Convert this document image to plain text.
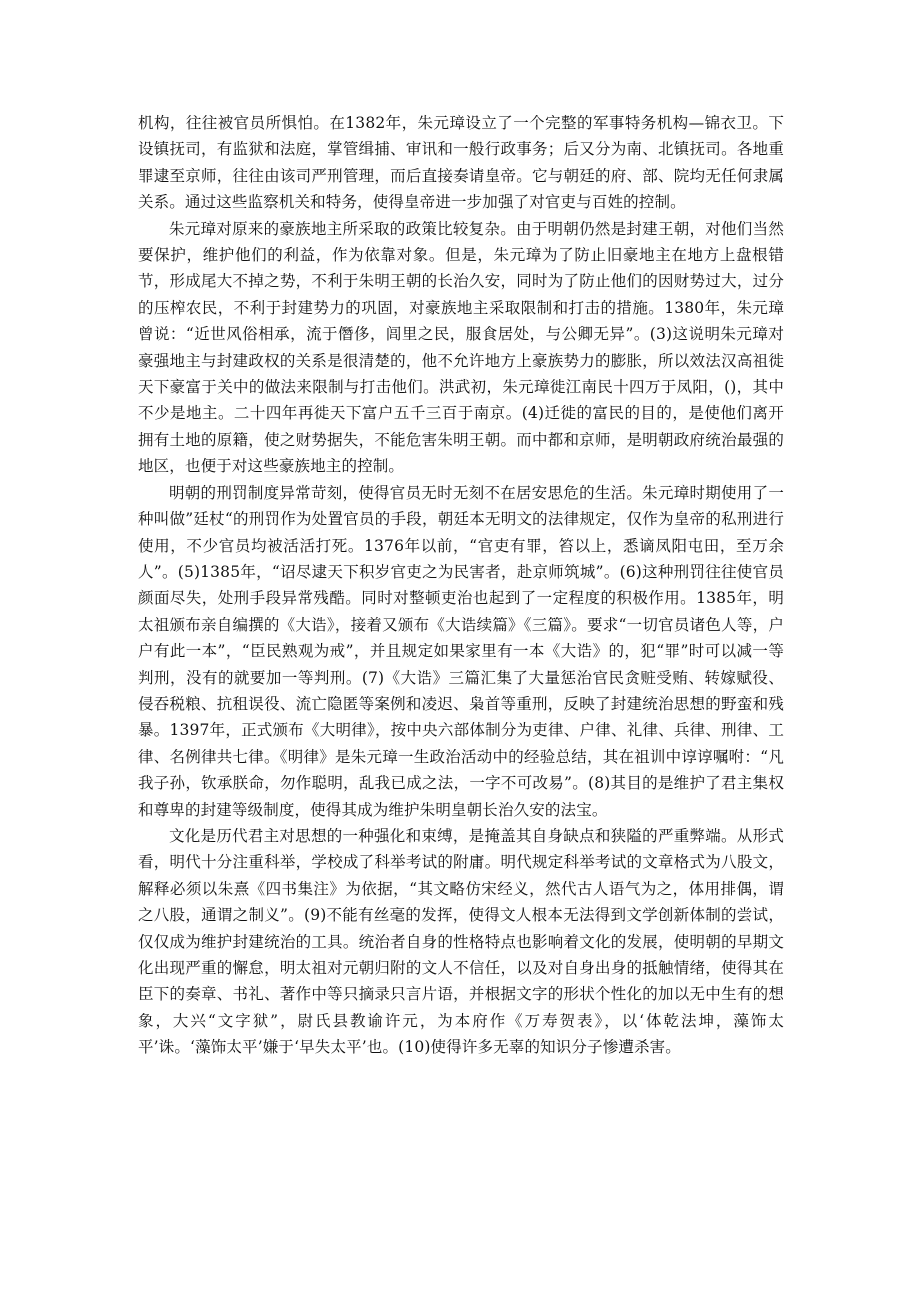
机构，往往被官员所惧怕。在1382年，朱元璋设立了一个完整的军事特务机构—锦衣卫。下设镇抚司，有监狱和法庭，掌管缉捕、审讯和一般行政事务；后又分为南、北镇抚司。各地重罪逮至京师，往往由该司严刑管理，而后直接奏请皇帝。它与朝廷的府、部、院均无任何隶属关系。通过这些监察机关和特务，使得皇帝进一步加强了对官吏与百姓的控制。

朱元璋对原来的豪族地主所采取的政策比较复杂。由于明朝仍然是封建王朝，对他们当然要保护，维护他们的利益，作为依靠对象。但是，朱元璋为了防止旧豪地主在地方上盘根错节，形成尾大不掉之势，不利于朱明王朝的长治久安，同时为了防止他们的因财势过大，过分的压榨农民，不利于封建势力的巩固，对豪族地主采取限制和打击的措施。1380年，朱元璋曾说：“近世风俗相承，流于僭侈，闾里之民，服食居处，与公卿无异”。(3)这说明朱元璋对豪强地主与封建政权的关系是很清楚的，他不允许地方上豪族势力的膨胀，所以效法汉高祖徙天下豪富于关中的做法来限制与打击他们。洪武初，朱元璋徙江南民十四万于凤阳，()，其中不少是地主。二十四年再徙天下富户五千三百于南京。(4)迁徙的富民的目的，是使他们离开拥有土地的原籍，使之财势据失，不能危害朱明王朝。而中都和京师，是明朝政府统治最强的地区，也便于对这些豪族地主的控制。

明朝的刑罚制度异常苛刻，使得官员无时无刻不在居安思危的生活。朱元璋时期使用了一种叫做”廷杖“的刑罚作为处置官员的手段，朝廷本无明文的法律规定，仅作为皇帝的私刑进行使用，不少官员均被活活打死。1376年以前，“官吏有罪，笞以上，悉谪凤阳屯田，至万余人”。(5)1385年，“诏尽逮天下积岁官吏之为民害者，赴京师筑城”。(6)这种刑罚往往使官员颜面尽失，处刑手段异常残酷。同时对整顿吏治也起到了一定程度的积极作用。1385年，明太祖颁布亲自编撰的《大诰》，接着又颁布《大诰续篇》《三篇》。要求“一切官员诸色人等，户户有此一本”，“臣民熟观为戒”，并且规定如果家里有一本《大诰》的，犯“罪”时可以减一等判刑，没有的就要加一等判刑。(7)《大诰》三篇汇集了大量惩治官民贪赃受贿、转嫁赋役、侵吞税粮、抗租误役、流亡隐匿等案例和凌迟、枭首等重刑，反映了封建统治思想的野蛮和残暴。1397年，正式颁布《大明律》，按中央六部体制分为吏律、户律、礼律、兵律、刑律、工律、名例律共七律。《明律》是朱元璋一生政治活动中的经验总结，其在祖训中谆谆嘱咐：“凡我子孙，钦承朕命，勿作聪明，乱我已成之法，一字不可改易”。(8)其目的是维护了君主集权和尊卑的封建等级制度，使得其成为维护朱明皇朝长治久安的法宝。

文化是历代君主对思想的一种强化和束缚，是掩盖其自身缺点和狭隘的严重弊端。从形式看，明代十分注重科举，学校成了科举考试的附庸。明代规定科举考试的文章格式为八股文，解释必须以朱熹《四书集注》为依据，“其文略仿宋经义，然代古人语气为之，体用排偶，谓之八股，通谓之制义”。(9)不能有丝毫的发挥，使得文人根本无法得到文学创新体制的尝试，仅仅成为维护封建统治的工具。统治者自身的性格特点也影响着文化的发展，使明朝的早期文化出现严重的懈怠，明太祖对元朝归附的文人不信任，以及对自身出身的抵触情绪，使得其在臣下的奏章、书礼、著作中等只摘录只言片语，并根据文字的形状个性化的加以无中生有的想象，大兴“文字狱”，尉氏县教谕许元，为本府作《万寿贺表》，以‘体乾法坤，藻饰太平’诛。‘藻饰太平’嫌于‘早失太平’也。(10)使得许多无辜的知识分子惨遭杀害。
